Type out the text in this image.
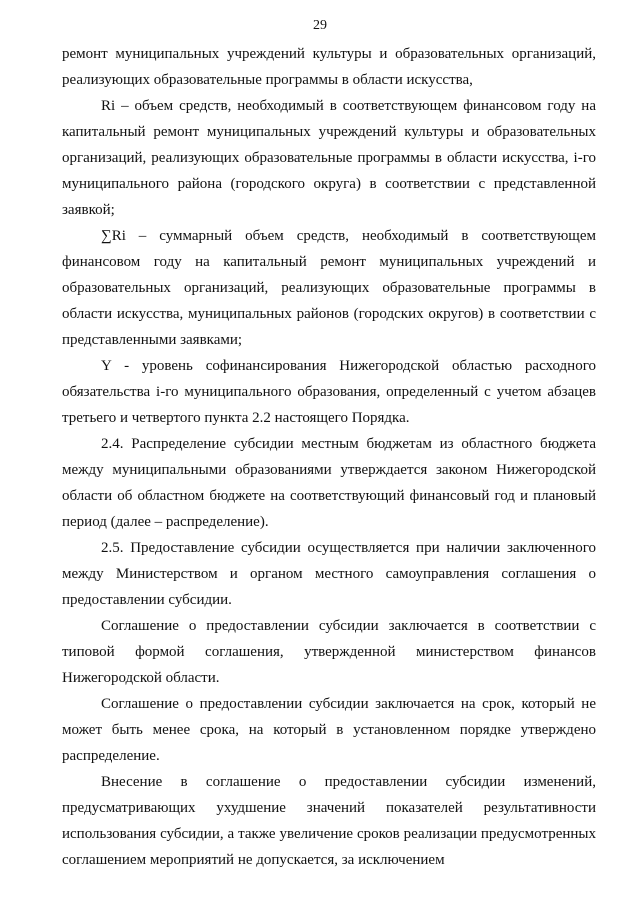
29

ремонт муниципальных учреждений культуры и образовательных организаций, реализующих образовательные программы в области искусства,

Ri – объем средств, необходимый в соответствующем финансовом году на капитальный ремонт муниципальных учреждений культуры и образовательных организаций, реализующих образовательные программы в области искусства, i-го муниципального района (городского округа) в соответствии с представленной заявкой;

∑Ri – суммарный объем средств, необходимый в соответствующем финансовом году на капитальный ремонт муниципальных учреждений и образовательных организаций, реализующих образовательные программы в области искусства, муниципальных районов (городских округов) в соответствии с представленными заявками;

Y - уровень софинансирования Нижегородской областью расходного обязательства i-го муниципального образования, определенный с учетом абзацев третьего и четвертого пункта 2.2 настоящего Порядка.

2.4. Распределение субсидии местным бюджетам из областного бюджета между муниципальными образованиями утверждается законом Нижегородской области об областном бюджете на соответствующий финансовый год и плановый период (далее – распределение).

2.5. Предоставление субсидии осуществляется при наличии заключенного между Министерством и органом местного самоуправления соглашения о предоставлении субсидии.

Соглашение о предоставлении субсидии заключается в соответствии с типовой формой соглашения, утвержденной министерством финансов Нижегородской области.

Соглашение о предоставлении субсидии заключается на срок, который не может быть менее срока, на который в установленном порядке утверждено распределение.

Внесение в соглашение о предоставлении субсидии изменений, предусматривающих ухудшение значений показателей результативности использования субсидии, а также увеличение сроков реализации предусмотренных соглашением мероприятий не допускается, за исключением
